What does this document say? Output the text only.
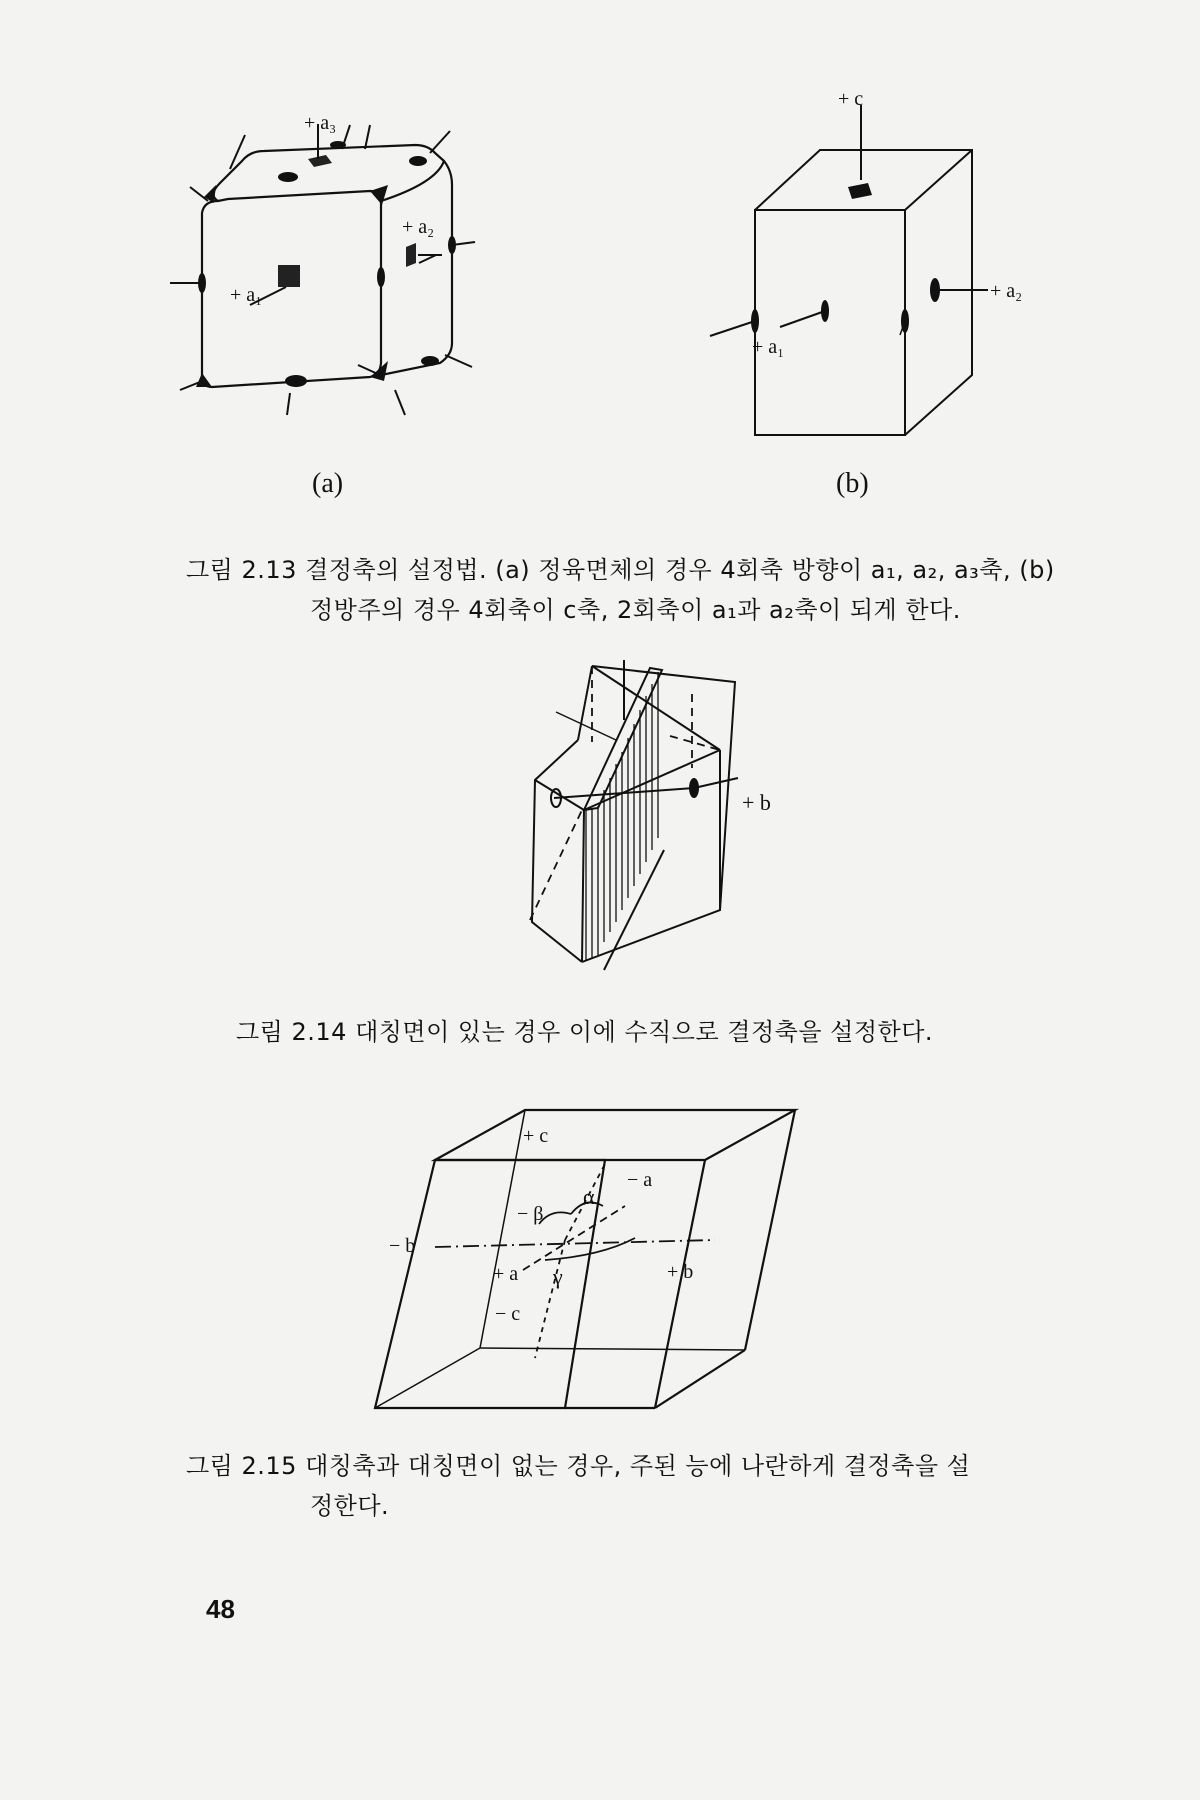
+ a₃
+ a₂
+ a₁
(a)
+ c
+ a₂
+ a₁
(b)
그림 2.13 결정축의 설정법. (a) 정육면체의 경우 4회축 방향이 a₁, a₂, a₃축, (b)
정방주의 경우 4회축이 c축, 2회축이 a₁과 a₂축이 되게 한다.
+ b
그림 2.14 대칭면이 있는 경우 이에 수직으로 결정축을 설정한다.
+ c
− c
− b
+ b
+ a
− a
α
− β
γ
그림 2.15 대칭축과 대칭면이 없는 경우, 주된 능에 나란하게 결정축을 설
정한다.
48
